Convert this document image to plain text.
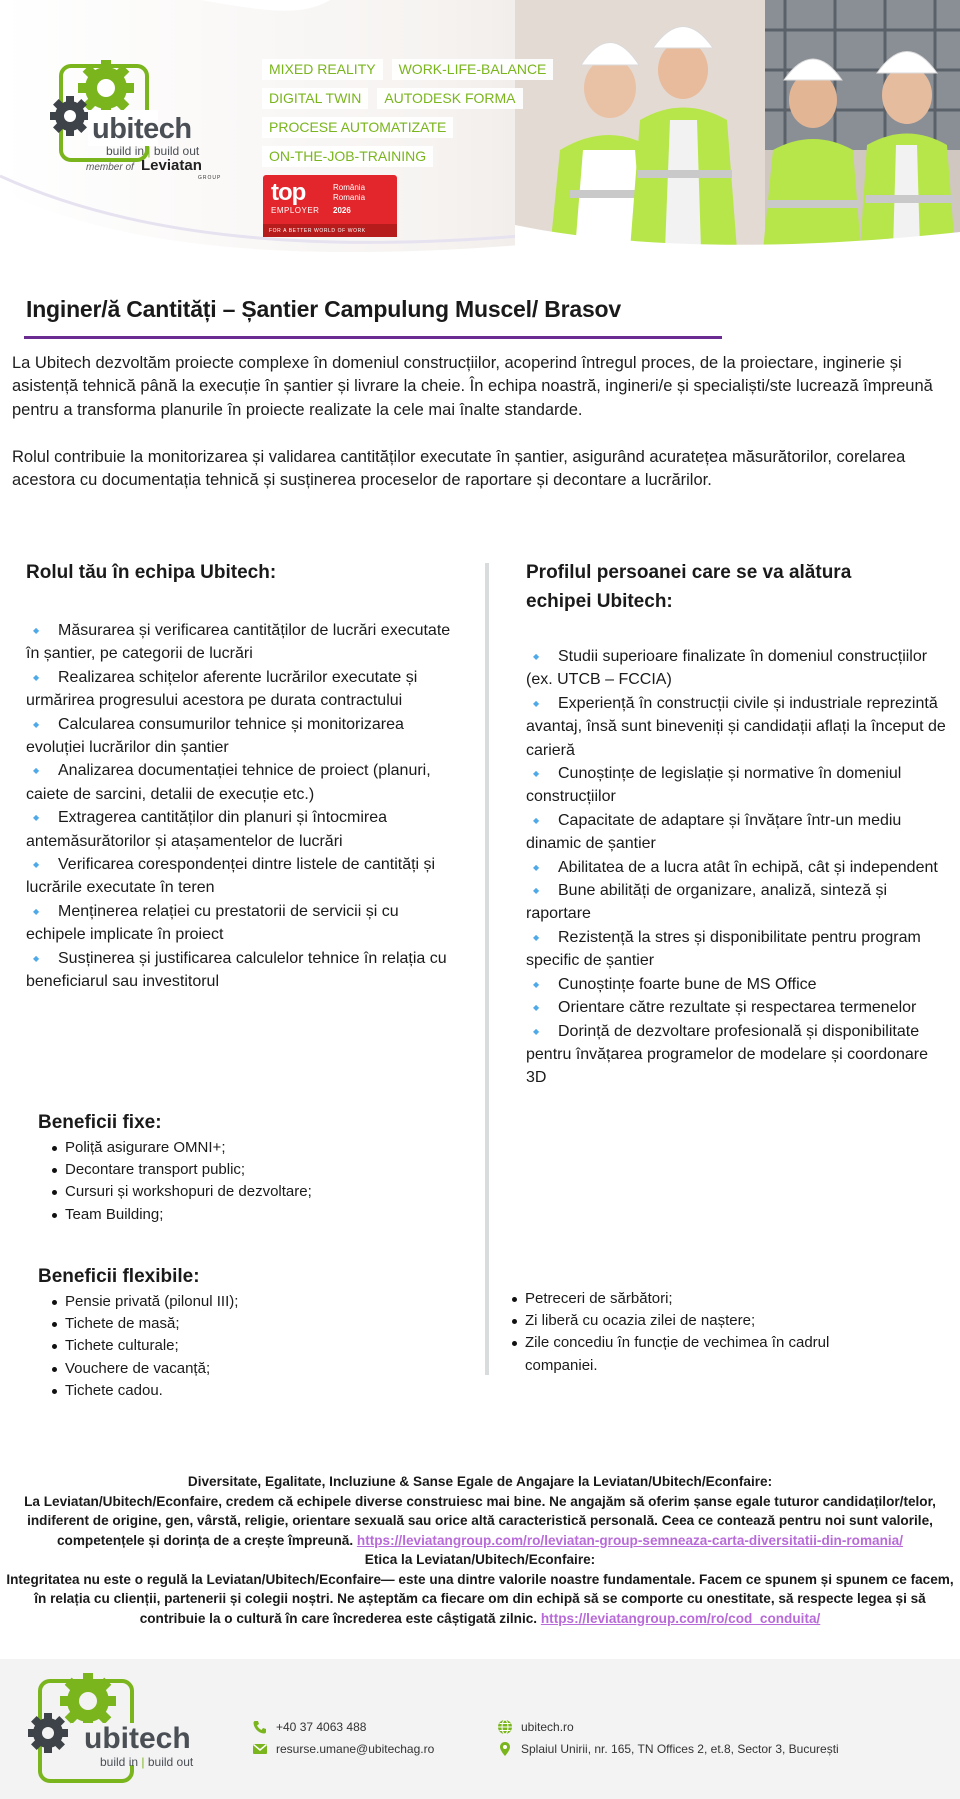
ubitech
build in | build out
member of Leviatan
GROUP
MIXED REALITY	WORK-LIFE-BALANCE
DIGITAL TWIN	AUTODESK FORMA
PROCESE AUTOMATIZATE
ON-THE-JOB-TRAINING
top
EMPLOYER
România
Romania
2026
FOR A BETTER WORLD OF WORK
Inginer/ă Cantități – Șantier Campulung Muscel/ Brasov

La Ubitech dezvoltăm proiecte complexe în domeniul construcțiilor, acoperind întregul proces, de la proiectare, inginerie și asistență tehnică până la execuție în șantier și livrare la cheie. În echipa noastră, ingineri/e și specialiști/ste lucrează împreună pentru a transforma planurile în proiecte realizate la cele mai înalte standarde.

Rolul contribuie la monitorizarea și validarea cantităților executate în șantier, asigurând acuratețea măsurătorilor, corelarea acestora cu documentația tehnică și susținerea proceselor de raportare și decontare a lucrărilor.

Rolul tău în echipa Ubitech:
◆ Măsurarea și verificarea cantităților de lucrări executate în șantier, pe categorii de lucrări
◆ Realizarea schițelor aferente lucrărilor executate și urmărirea progresului acestora pe durata contractului
◆ Calcularea consumurilor tehnice și monitorizarea evoluției lucrărilor din șantier
◆ Analizarea documentației tehnice de proiect (planuri, caiete de sarcini, detalii de execuție etc.)
◆ Extragerea cantităților din planuri și întocmirea antemăsurătorilor și atașamentelor de lucrări
◆ Verificarea corespondenței dintre listele de cantități și lucrările executate în teren
◆ Menținerea relației cu prestatorii de servicii și cu echipele implicate în proiect
◆ Susținerea și justificarea calculelor tehnice în relația cu beneficiarul sau investitorul
Profilul persoanei care se va alătura echipei Ubitech:
◆ Studii superioare finalizate în domeniul construcțiilor (ex. UTCB – FCCIA)
◆ Experiență în construcții civile și industriale reprezintă avantaj, însă sunt bineveniți și candidații aflați la început de carieră
◆ Cunoștințe de legislație și normative în domeniul construcțiilor
◆ Capacitate de adaptare și învățare într-un mediu dinamic de șantier
◆ Abilitatea de a lucra atât în echipă, cât și independent
◆ Bune abilități de organizare, analiză, sinteză și raportare
◆ Rezistență la stres și disponibilitate pentru program specific de șantier
◆ Cunoștințe foarte bune de MS Office
◆ Orientare către rezultate și respectarea termenelor
◆ Dorință de dezvoltare profesională și disponibilitate pentru învățarea programelor de modelare și coordonare 3D
Beneficii fixe:
Poliță asigurare OMNI+;
Decontare transport public;
Cursuri și workshopuri de dezvoltare;
Team Building;
Beneficii flexibile:
Pensie privată (pilonul III);
Tichete de masă;
Tichete culturale;
Vouchere de vacanță;
Tichete cadou.
Petreceri de sărbători;
Zi liberă cu ocazia zilei de naștere;
Zile concediu în funcție de vechimea în cadrul companiei.
Diversitate, Egalitate, Incluziune & Sanse Egale de Angajare la Leviatan/Ubitech/Econfaire:
La Leviatan/Ubitech/Econfaire, credem că echipele diverse construiesc mai bine. Ne angajăm să oferim șanse egale tuturor candidaților/telor, indiferent de origine, gen, vârstă, religie, orientare sexuală sau orice altă caracteristică personală. Ceea ce contează pentru noi sunt valorile, competențele și dorința de a crește împreună. https://leviatangroup.com/ro/leviatan-group-semneaza-carta-diversitatii-din-romania/
Etica la Leviatan/Ubitech/Econfaire:
Integritatea nu este o regulă la Leviatan/Ubitech/Econfaire— este una dintre valorile noastre fundamentale. Facem ce spunem și spunem ce facem, în relația cu clienții, partenerii și colegii noștri. Ne așteptăm ca fiecare om din echipă să se comporte cu onestitate, să respecte legea și să contribuie la o cultură în care încrederea este câștigată zilnic. https://leviatangroup.com/ro/cod_conduita/
ubitech
build in | build out
+40 37 4063 488
resurse.umane@ubitechag.ro
ubitech.ro
Splaiul Unirii, nr. 165, TN Offices 2, et.8, Sector 3, București
